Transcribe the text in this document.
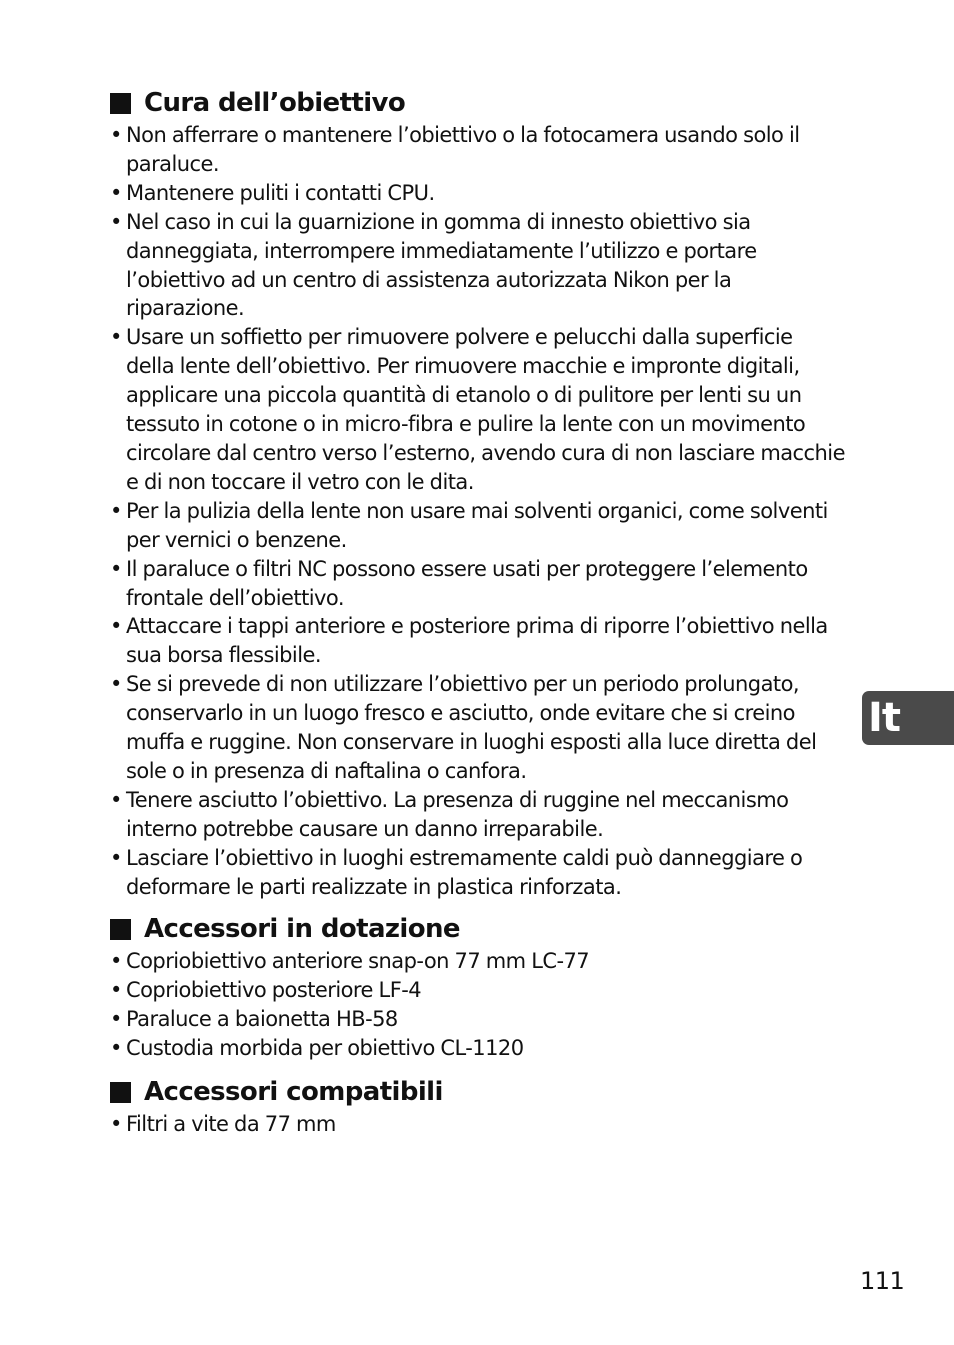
Cura dell’obiettivo
• Non afferrare o mantenere l’obiettivo o la fotocamera usando solo il paraluce.
• Mantenere puliti i contatti CPU.
• Nel caso in cui la guarnizione in gomma di innesto obiettivo sia danneggiata, interrompere immediatamente l’utilizzo e portare l’obiettivo ad un centro di assistenza autorizzata Nikon per la riparazione.
• Usare un soffietto per rimuovere polvere e pelucchi dalla superficie della lente dell’obiettivo. Per rimuovere macchie e impronte digitali, applicare una piccola quantità di etanolo o di pulitore per lenti su un tessuto in cotone o in micro-fibra e pulire la lente con un movimento circolare dal centro verso l’esterno, avendo cura di non lasciare macchie e di non toccare il vetro con le dita.
• Per la pulizia della lente non usare mai solventi organici, come solventi per vernici o benzene.
• Il paraluce o filtri NC possono essere usati per proteggere l’elemento frontale dell’obiettivo.
• Attaccare i tappi anteriore e posteriore prima di riporre l’obiettivo nella sua borsa flessibile.
• Se si prevede di non utilizzare l’obiettivo per un periodo prolungato, conservarlo in un luogo fresco e asciutto, onde evitare che si creino muffa e ruggine. Non conservare in luoghi esposti alla luce diretta del sole o in presenza di naftalina o canfora.
• Tenere asciutto l’obiettivo. La presenza di ruggine nel meccanismo interno potrebbe causare un danno irreparabile.
• Lasciare l’obiettivo in luoghi estremamente caldi può danneggiare o deformare le parti realizzate in plastica rinforzata.
Accessori in dotazione
• Copriobiettivo anteriore snap-on 77 mm LC-77
• Copriobiettivo posteriore LF-4
• Paraluce a baionetta HB-58
• Custodia morbida per obiettivo CL-1120
Accessori compatibili
• Filtri a vite da 77 mm
It
111
